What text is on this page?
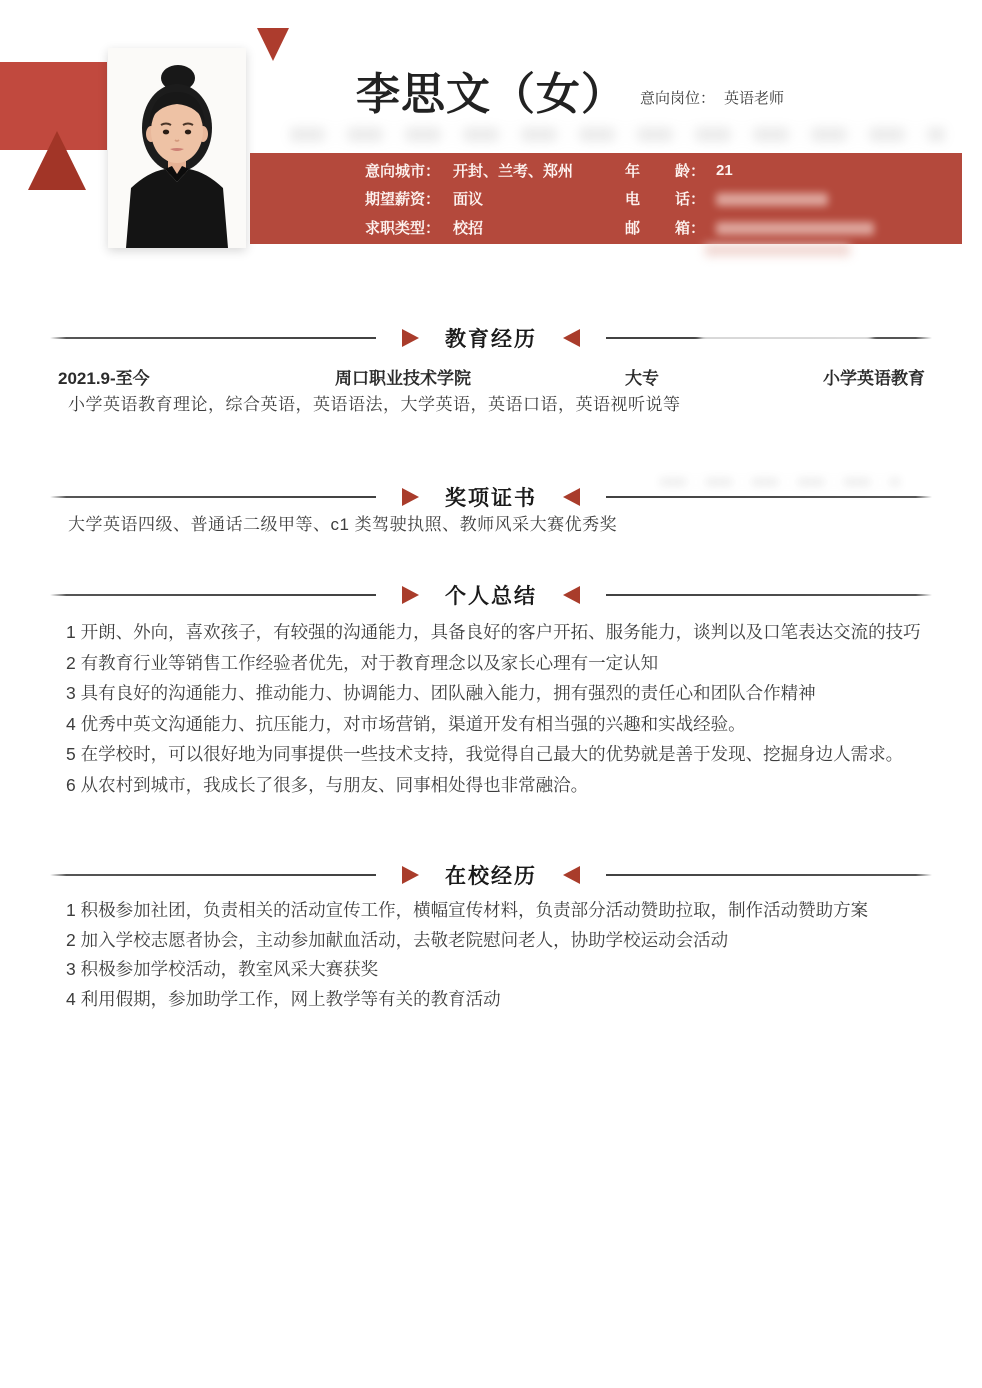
李思文（女） 意向岗位： 英语老师
意向城市： 开封、兰考、郑州	年 龄： 21
期望薪资： 面议	电 话：
求职类型： 校招	邮 箱：
教育经历
2021.9-至今	周口职业技术学院	大专	小学英语教育
小学英语教育理论，综合英语，英语语法，大学英语，英语口语，英语视听说等
奖项证书
大学英语四级、普通话二级甲等、c1 类驾驶执照、教师风采大赛优秀奖
个人总结
1 开朗、外向，喜欢孩子，有较强的沟通能力，具备良好的客户开拓、服务能力，谈判以及口笔表达交流的技巧
2 有教育行业等销售工作经验者优先，对于教育理念以及家长心理有一定认知
3 具有良好的沟通能力、推动能力、协调能力、团队融入能力，拥有强烈的责任心和团队合作精神
4 优秀中英文沟通能力、抗压能力，对市场营销，渠道开发有相当强的兴趣和实战经验。
5 在学校时，可以很好地为同事提供一些技术支持，我觉得自己最大的优势就是善于发现、挖掘身边人需求。
6 从农村到城市，我成长了很多，与朋友、同事相处得也非常融洽。
在校经历
1 积极参加社团，负责相关的活动宣传工作，横幅宣传材料，负责部分活动赞助拉取，制作活动赞助方案
2 加入学校志愿者协会，主动参加献血活动，去敬老院慰问老人，协助学校运动会活动
3 积极参加学校活动，教室风采大赛获奖
4 利用假期，参加助学工作，网上教学等有关的教育活动
